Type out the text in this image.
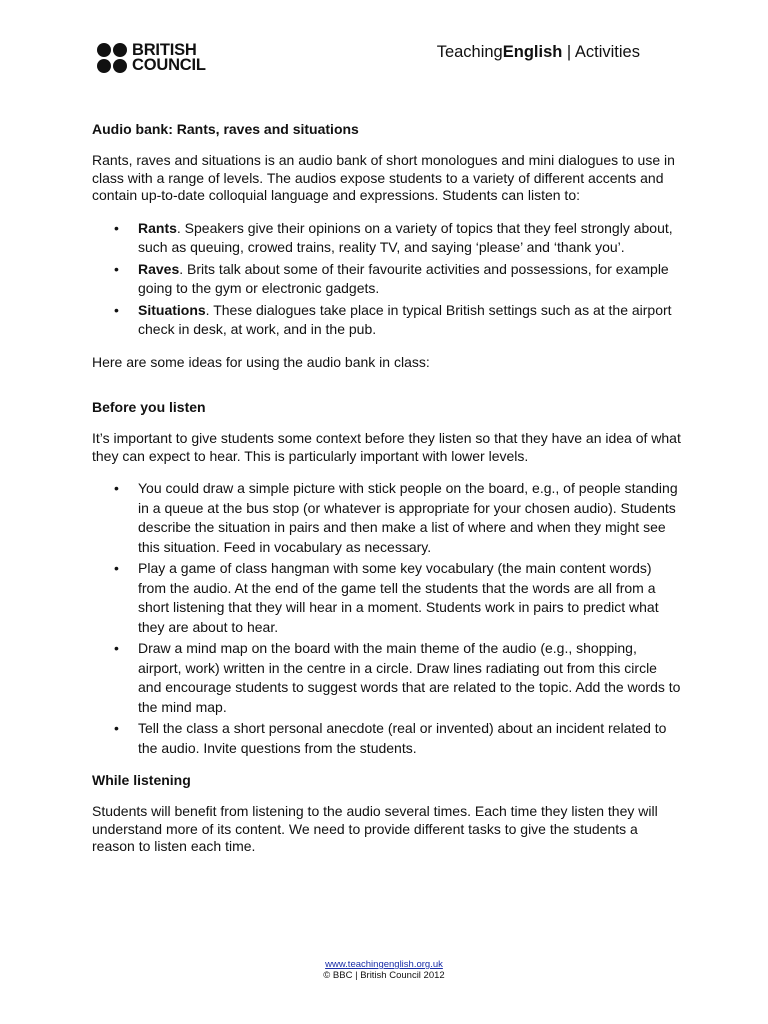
BRITISH
COUNCIL
TeachingEnglish | Activities
Audio bank: Rants, raves and situations

Rants, raves and situations is an audio bank of short monologues and mini dialogues to use in class with a range of levels. The audios expose students to a variety of different accents and contain up-to-date colloquial language and expressions. Students can listen to:

• Rants. Speakers give their opinions on a variety of topics that they feel strongly about, such as queuing, crowed trains, reality TV, and saying ‘please’ and ‘thank you’.
• Raves. Brits talk about some of their favourite activities and possessions, for example going to the gym or electronic gadgets.
• Situations. These dialogues take place in typical British settings such as at the airport check in desk, at work, and in the pub.

Here are some ideas for using the audio bank in class:

Before you listen

It’s important to give students some context before they listen so that they have an idea of what they can expect to hear. This is particularly important with lower levels.

• You could draw a simple picture with stick people on the board, e.g., of people standing in a queue at the bus stop (or whatever is appropriate for your chosen audio). Students describe the situation in pairs and then make a list of where and when they might see this situation. Feed in vocabulary as necessary.
• Play a game of class hangman with some key vocabulary (the main content words) from the audio. At the end of the game tell the students that the words are all from a short listening that they will hear in a moment. Students work in pairs to predict what they are about to hear.
• Draw a mind map on the board with the main theme of the audio (e.g., shopping, airport, work) written in the centre in a circle. Draw lines radiating out from this circle and encourage students to suggest words that are related to the topic. Add the words to the mind map.
• Tell the class a short personal anecdote (real or invented) about an incident related to the audio. Invite questions from the students.
While listening

Students will benefit from listening to the audio several times. Each time they listen they will understand more of its content. We need to provide different tasks to give the students a reason to listen each time.

www.teachingenglish.org.uk
© BBC | British Council 2012
